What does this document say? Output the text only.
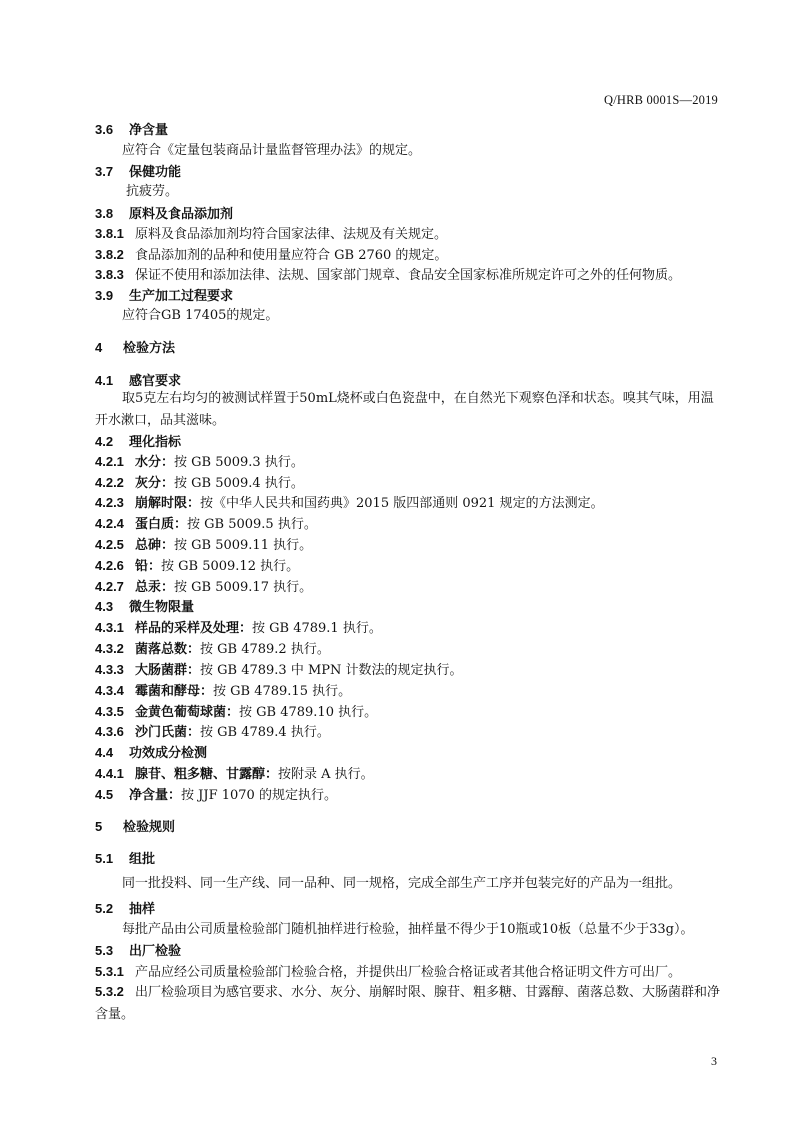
Q/HRB 0001S—2019
3.6 净含量
应符合《定量包装商品计量监督管理办法》的规定。
3.7 保健功能
抗疲劳。
3.8 原料及食品添加剂
3.8.1 原料及食品添加剂均符合国家法律、法规及有关规定。
3.8.2 食品添加剂的品种和使用量应符合 GB 2760 的规定。
3.8.3 保证不使用和添加法律、法规、国家部门规章、食品安全国家标准所规定许可之外的任何物质。
3.9 生产加工过程要求
应符合GB 17405的规定。
4 检验方法
4.1 感官要求
取5克左右均匀的被测试样置于50mL烧杯或白色瓷盘中，在自然光下观察色泽和状态。嗅其气味，用温开水漱口，品其滋味。
4.2 理化指标
4.2.1 水分：按 GB 5009.3 执行。
4.2.2 灰分：按 GB 5009.4 执行。
4.2.3 崩解时限：按《中华人民共和国药典》2015 版四部通则 0921 规定的方法测定。
4.2.4 蛋白质：按 GB 5009.5 执行。
4.2.5 总砷：按 GB 5009.11 执行。
4.2.6 铅：按 GB 5009.12 执行。
4.2.7 总汞：按 GB 5009.17 执行。
4.3 微生物限量
4.3.1 样品的采样及处理：按 GB 4789.1 执行。
4.3.2 菌落总数：按 GB 4789.2 执行。
4.3.3 大肠菌群：按 GB 4789.3 中 MPN 计数法的规定执行。
4.3.4 霉菌和酵母：按 GB 4789.15 执行。
4.3.5 金黄色葡萄球菌：按 GB 4789.10 执行。
4.3.6 沙门氏菌：按 GB 4789.4 执行。
4.4 功效成分检测
4.4.1 腺苷、粗多糖、甘露醇：按附录 A 执行。
4.5 净含量：按 JJF 1070 的规定执行。
5 检验规则
5.1 组批
同一批投料、同一生产线、同一品种、同一规格，完成全部生产工序并包装完好的产品为一组批。
5.2 抽样
每批产品由公司质量检验部门随机抽样进行检验，抽样量不得少于10瓶或10板（总量不少于33g）。
5.3 出厂检验
5.3.1 产品应经公司质量检验部门检验合格，并提供出厂检验合格证或者其他合格证明文件方可出厂。
5.3.2 出厂检验项目为感官要求、水分、灰分、崩解时限、腺苷、粗多糖、甘露醇、菌落总数、大肠菌群和净含量。
3
